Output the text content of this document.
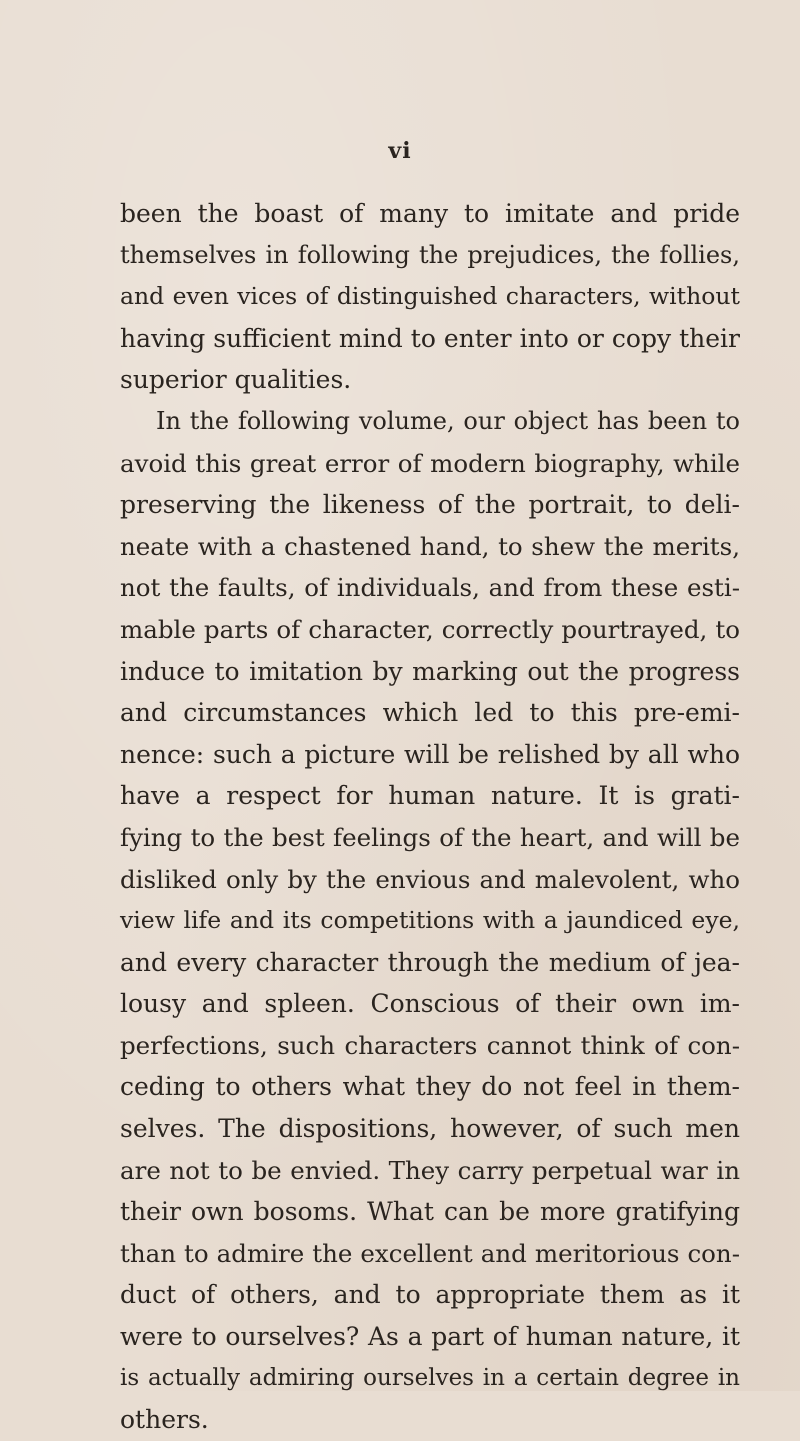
vi
been the boast of many to imitate and pride
themselves in following the prejudices, the follies,
and even vices of distinguished characters, without
having sufficient mind to enter into or copy their
superior qualities.
In the following volume, our object has been to
avoid this great error of modern biography, while
preserving the likeness of the portrait, to deli-
neate with a chastened hand, to shew the merits,
not the faults, of individuals, and from these esti-
mable parts of character, correctly pourtrayed, to
induce to imitation by marking out the progress
and circumstances which led to this pre-emi-
nence: such a picture will be relished by all who
have a respect for human nature. It is grati-
fying to the best feelings of the heart, and will be
disliked only by the envious and malevolent, who
view life and its competitions with a jaundiced eye,
and every character through the medium of jea-
lousy and spleen. Conscious of their own im-
perfections, such characters cannot think of con-
ceding to others what they do not feel in them-
selves. The dispositions, however, of such men
are not to be envied. They carry perpetual war in
their own bosoms. What can be more gratifying
than to admire the excellent and meritorious con-
duct of others, and to appropriate them as it
were to ourselves? As a part of human nature, it
is actually admiring ourselves in a certain degree in
others.
